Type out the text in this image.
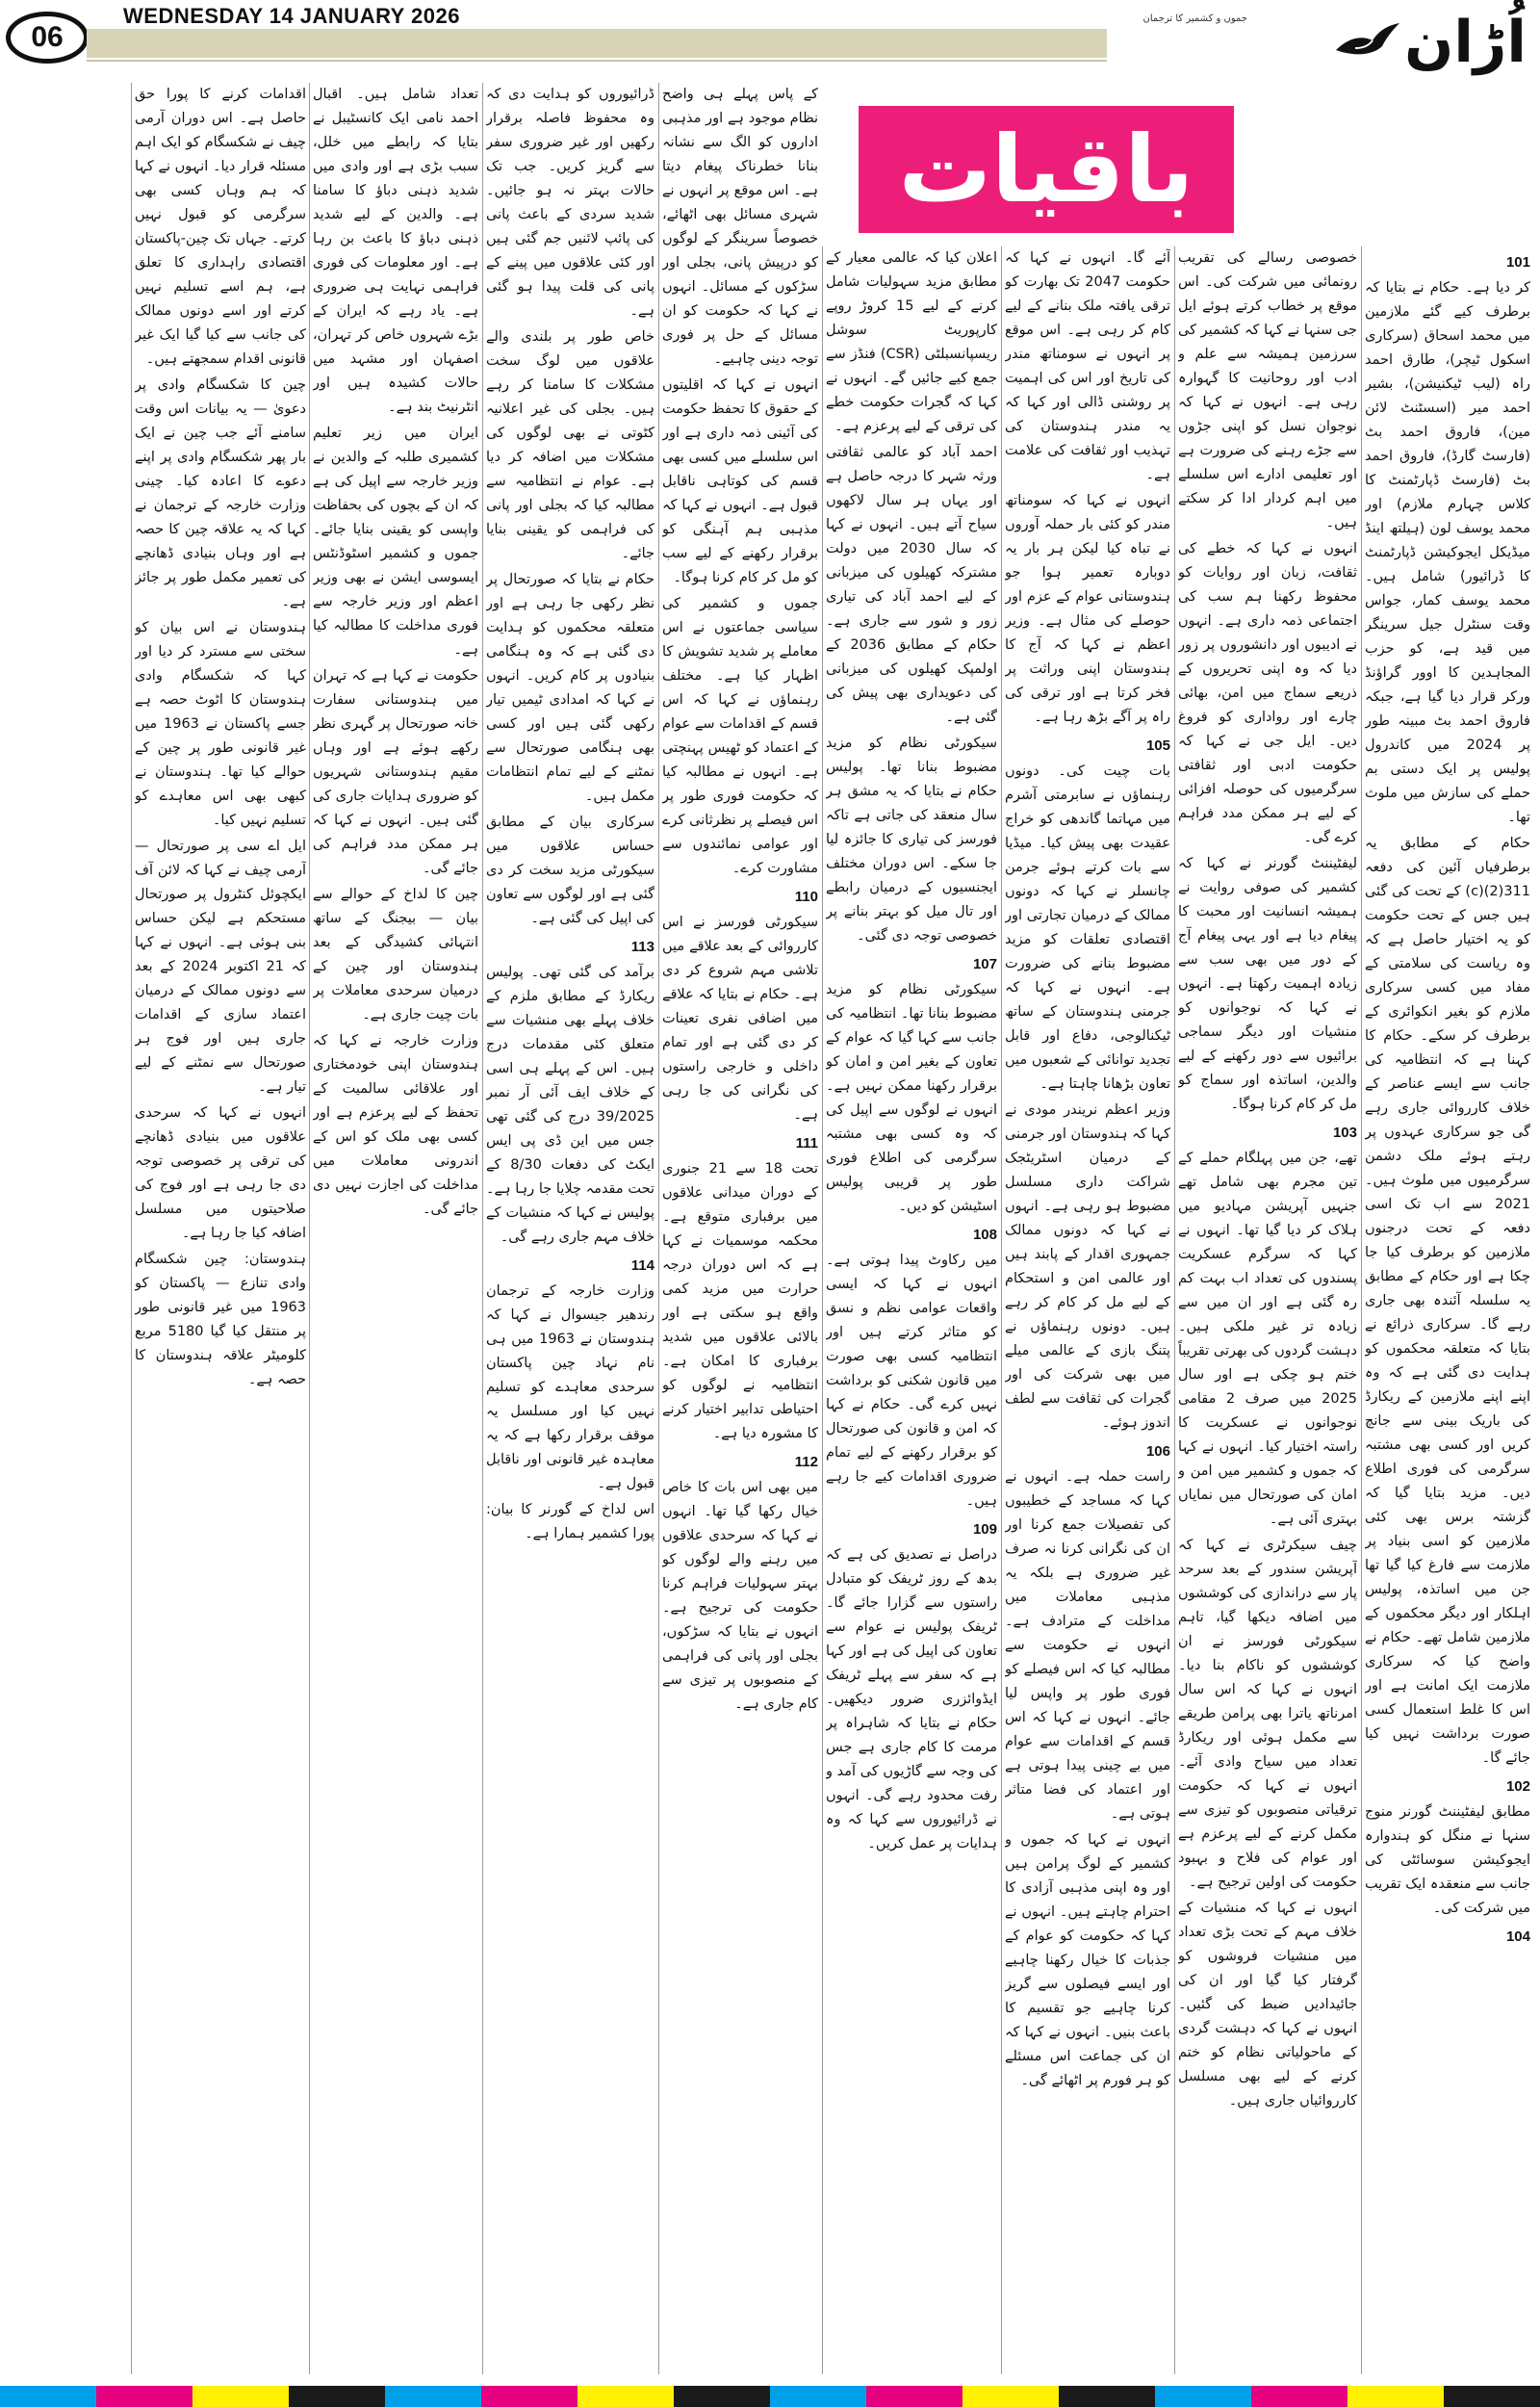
06
WEDNESDAY 14 JANUARY 2026	اُڑان
جموں و کشمیر کا ترجمان
باقیات
101

کر دیا ہے۔ حکام نے بتایا کہ برطرف کیے گئے ملازمین میں محمد اسحاق (سرکاری اسکول ٹیچر)، طارق احمد راہ (لیب ٹیکنیشن)، بشیر احمد میر (اسسٹنٹ لائن مین)، فاروق احمد بٹ (فارسٹ گارڈ)، فاروق احمد بٹ (فارسٹ ڈپارٹمنٹ کا کلاس چہارم ملازم) اور محمد یوسف لون (ہیلتھ اینڈ میڈیکل ایجوکیشن ڈپارٹمنٹ کا ڈرائیور) شامل ہیں۔ محمد یوسف کمار، جواس وقت سنٹرل جیل سرینگر میں قید ہے، کو حزب المجاہدین کا اوور گراؤنڈ ورکر قرار دیا گیا ہے، جبکہ فاروق احمد بٹ مبینہ طور پر 2024 میں کاندرول پولیس پر ایک دستی بم حملے کی سازش میں ملوث تھا۔

حکام کے مطابق یہ برطرفیاں آئین کی دفعہ 311(2)(c) کے تحت کی گئی ہیں جس کے تحت حکومت کو یہ اختیار حاصل ہے کہ وہ ریاست کی سلامتی کے مفاد میں کسی سرکاری ملازم کو بغیر انکوائری کے برطرف کر سکے۔ حکام کا کہنا ہے کہ انتظامیہ کی جانب سے ایسے عناصر کے خلاف کارروائی جاری رہے گی جو سرکاری عہدوں پر رہتے ہوئے ملک دشمن سرگرمیوں میں ملوث ہیں۔ 2021 سے اب تک اسی دفعہ کے تحت درجنوں ملازمین کو برطرف کیا جا چکا ہے اور حکام کے مطابق یہ سلسلہ آئندہ بھی جاری رہے گا۔ سرکاری ذرائع نے بتایا کہ متعلقہ محکموں کو ہدایت دی گئی ہے کہ وہ اپنے اپنے ملازمین کے ریکارڈ کی باریک بینی سے جانچ کریں اور کسی بھی مشتبہ سرگرمی کی فوری اطلاع دیں۔ مزید بتایا گیا کہ گزشتہ برس بھی کئی ملازمین کو اسی بنیاد پر ملازمت سے فارغ کیا گیا تھا جن میں اساتذہ، پولیس اہلکار اور دیگر محکموں کے ملازمین شامل تھے۔ حکام نے واضح کیا کہ سرکاری ملازمت ایک امانت ہے اور اس کا غلط استعمال کسی صورت برداشت نہیں کیا جائے گا۔

102

مطابق لیفٹیننٹ گورنر منوج سنہا نے منگل کو ہندوارہ ایجوکیشن سوسائٹی کی جانب سے منعقدہ ایک تقریب میں شرکت کی۔

104

خصوصی رسالے کی تقریب رونمائی میں شرکت کی۔ اس موقع پر خطاب کرتے ہوئے ایل جی سنہا نے کہا کہ کشمیر کی سرزمین ہمیشہ سے علم و ادب اور روحانیت کا گہوارہ رہی ہے۔ انہوں نے کہا کہ نوجوان نسل کو اپنی جڑوں سے جڑے رہنے کی ضرورت ہے اور تعلیمی ادارے اس سلسلے میں اہم کردار ادا کر سکتے ہیں۔

انہوں نے کہا کہ خطے کی ثقافت، زبان اور روایات کو محفوظ رکھنا ہم سب کی اجتماعی ذمہ داری ہے۔ انہوں نے ادیبوں اور دانشوروں پر زور دیا کہ وہ اپنی تحریروں کے ذریعے سماج میں امن، بھائی چارے اور رواداری کو فروغ دیں۔ ایل جی نے کہا کہ حکومت ادبی اور ثقافتی سرگرمیوں کی حوصلہ افزائی کے لیے ہر ممکن مدد فراہم کرے گی۔

لیفٹیننٹ گورنر نے کہا کہ کشمیر کی صوفی روایت نے ہمیشہ انسانیت اور محبت کا پیغام دیا ہے اور یہی پیغام آج کے دور میں بھی سب سے زیادہ اہمیت رکھتا ہے۔ انہوں نے کہا کہ نوجوانوں کو منشیات اور دیگر سماجی برائیوں سے دور رکھنے کے لیے والدین، اساتذہ اور سماج کو مل کر کام کرنا ہوگا۔

103

تھے، جن میں پہلگام حملے کے تین مجرم بھی شامل تھے جنہیں آپریشن مہادیو میں ہلاک کر دیا گیا تھا۔ انہوں نے کہا کہ سرگرم عسکریت پسندوں کی تعداد اب بہت کم رہ گئی ہے اور ان میں سے زیادہ تر غیر ملکی ہیں۔ دہشت گردوں کی بھرتی تقریباً ختم ہو چکی ہے اور سال 2025 میں صرف 2 مقامی نوجوانوں نے عسکریت کا راستہ اختیار کیا۔ انہوں نے کہا کہ جموں و کشمیر میں امن و امان کی صورتحال میں نمایاں بہتری آئی ہے۔

چیف سیکرٹری نے کہا کہ آپریشن سندور کے بعد سرحد پار سے دراندازی کی کوششوں میں اضافہ دیکھا گیا، تاہم سیکورٹی فورسز نے ان کوششوں کو ناکام بنا دیا۔ انہوں نے کہا کہ اس سال امرناتھ یاترا بھی پرامن طریقے سے مکمل ہوئی اور ریکارڈ تعداد میں سیاح وادی آئے۔ انہوں نے کہا کہ حکومت ترقیاتی منصوبوں کو تیزی سے مکمل کرنے کے لیے پرعزم ہے اور عوام کی فلاح و بہبود حکومت کی اولین ترجیح ہے۔

انہوں نے کہا کہ منشیات کے خلاف مہم کے تحت بڑی تعداد میں منشیات فروشوں کو گرفتار کیا گیا اور ان کی جائیدادیں ضبط کی گئیں۔ انہوں نے کہا کہ دہشت گردی کے ماحولیاتی نظام کو ختم کرنے کے لیے بھی مسلسل کارروائیاں جاری ہیں۔

آئے گا۔ انہوں نے کہا کہ حکومت 2047 تک بھارت کو ترقی یافتہ ملک بنانے کے لیے کام کر رہی ہے۔ اس موقع پر انہوں نے سومناتھ مندر کی تاریخ اور اس کی اہمیت پر روشنی ڈالی اور کہا کہ یہ مندر ہندوستان کی تہذیب اور ثقافت کی علامت ہے۔

انہوں نے کہا کہ سومناتھ مندر کو کئی بار حملہ آوروں نے تباہ کیا لیکن ہر بار یہ دوبارہ تعمیر ہوا جو ہندوستانی عوام کے عزم اور حوصلے کی مثال ہے۔ وزیر اعظم نے کہا کہ آج کا ہندوستان اپنی وراثت پر فخر کرتا ہے اور ترقی کی راہ پر آگے بڑھ رہا ہے۔

105

بات چیت کی۔ دونوں رہنماؤں نے سابرمتی آشرم میں مہاتما گاندھی کو خراج عقیدت بھی پیش کیا۔ میڈیا سے بات کرتے ہوئے جرمن چانسلر نے کہا کہ دونوں ممالک کے درمیان تجارتی اور اقتصادی تعلقات کو مزید مضبوط بنانے کی ضرورت ہے۔ انہوں نے کہا کہ جرمنی ہندوستان کے ساتھ ٹیکنالوجی، دفاع اور قابل تجدید توانائی کے شعبوں میں تعاون بڑھانا چاہتا ہے۔

وزیر اعظم نریندر مودی نے کہا کہ ہندوستان اور جرمنی کے درمیان اسٹریٹجک شراکت داری مسلسل مضبوط ہو رہی ہے۔ انہوں نے کہا کہ دونوں ممالک جمہوری اقدار کے پابند ہیں اور عالمی امن و استحکام کے لیے مل کر کام کر رہے ہیں۔ دونوں رہنماؤں نے پتنگ بازی کے عالمی میلے میں بھی شرکت کی اور گجرات کی ثقافت سے لطف اندوز ہوئے۔

106

راست حملہ ہے۔ انہوں نے کہا کہ مساجد کے خطیبوں کی تفصیلات جمع کرنا اور ان کی نگرانی کرنا نہ صرف غیر ضروری ہے بلکہ یہ مذہبی معاملات میں مداخلت کے مترادف ہے۔ انہوں نے حکومت سے مطالبہ کیا کہ اس فیصلے کو فوری طور پر واپس لیا جائے۔ انہوں نے کہا کہ اس قسم کے اقدامات سے عوام میں بے چینی پیدا ہوتی ہے اور اعتماد کی فضا متاثر ہوتی ہے۔

انہوں نے کہا کہ جموں و کشمیر کے لوگ پرامن ہیں اور وہ اپنی مذہبی آزادی کا احترام چاہتے ہیں۔ انہوں نے کہا کہ حکومت کو عوام کے جذبات کا خیال رکھنا چاہیے اور ایسے فیصلوں سے گریز کرنا چاہیے جو تقسیم کا باعث بنیں۔ انہوں نے کہا کہ ان کی جماعت اس مسئلے کو ہر فورم پر اٹھائے گی۔

اعلان کیا کہ عالمی معیار کے مطابق مزید سہولیات شامل کرنے کے لیے 15 کروڑ روپے کارپوریٹ سوشل ریسپانسبلٹی (CSR) فنڈز سے جمع کیے جائیں گے۔ انہوں نے کہا کہ گجرات حکومت خطے کی ترقی کے لیے پرعزم ہے۔

احمد آباد کو عالمی ثقافتی ورثہ شہر کا درجہ حاصل ہے اور یہاں ہر سال لاکھوں سیاح آتے ہیں۔ انہوں نے کہا کہ سال 2030 میں دولت مشترکہ کھیلوں کی میزبانی کے لیے احمد آباد کی تیاری زور و شور سے جاری ہے۔ حکام کے مطابق 2036 کے اولمپک کھیلوں کی میزبانی کی دعویداری بھی پیش کی گئی ہے۔

سیکورٹی نظام کو مزید مضبوط بنانا تھا۔ پولیس حکام نے بتایا کہ یہ مشق ہر سال منعقد کی جاتی ہے تاکہ فورسز کی تیاری کا جائزہ لیا جا سکے۔ اس دوران مختلف ایجنسیوں کے درمیان رابطے اور تال میل کو بہتر بنانے پر خصوصی توجہ دی گئی۔

107

سیکورٹی نظام کو مزید مضبوط بنانا تھا۔ انتظامیہ کی جانب سے کہا گیا کہ عوام کے تعاون کے بغیر امن و امان کو برقرار رکھنا ممکن نہیں ہے۔ انہوں نے لوگوں سے اپیل کی کہ وہ کسی بھی مشتبہ سرگرمی کی اطلاع فوری طور پر قریبی پولیس اسٹیشن کو دیں۔

108

میں رکاوٹ پیدا ہوتی ہے۔ انہوں نے کہا کہ ایسی واقعات عوامی نظم و نسق کو متاثر کرتے ہیں اور انتظامیہ کسی بھی صورت میں قانون شکنی کو برداشت نہیں کرے گی۔ حکام نے کہا کہ امن و قانون کی صورتحال کو برقرار رکھنے کے لیے تمام ضروری اقدامات کیے جا رہے ہیں۔

109

دراصل نے تصدیق کی ہے کہ بدھ کے روز ٹریفک کو متبادل راستوں سے گزارا جائے گا۔ ٹریفک پولیس نے عوام سے تعاون کی اپیل کی ہے اور کہا ہے کہ سفر سے پہلے ٹریفک ایڈوائزری ضرور دیکھیں۔ حکام نے بتایا کہ شاہراہ پر مرمت کا کام جاری ہے جس کی وجہ سے گاڑیوں کی آمد و رفت محدود رہے گی۔ انہوں نے ڈرائیوروں سے کہا کہ وہ ہدایات پر عمل کریں۔

کے پاس پہلے ہی واضح نظام موجود ہے اور مذہبی اداروں کو الگ سے نشانہ بنانا خطرناک پیغام دیتا ہے۔ اس موقع پر انہوں نے شہری مسائل بھی اٹھائے، خصوصاً سرینگر کے لوگوں کو درپیش پانی، بجلی اور سڑکوں کے مسائل۔ انہوں نے کہا کہ حکومت کو ان مسائل کے حل پر فوری توجہ دینی چاہیے۔

انہوں نے کہا کہ اقلیتوں کے حقوق کا تحفظ حکومت کی آئینی ذمہ داری ہے اور اس سلسلے میں کسی بھی قسم کی کوتاہی ناقابل قبول ہے۔ انہوں نے کہا کہ مذہبی ہم آہنگی کو برقرار رکھنے کے لیے سب کو مل کر کام کرنا ہوگا۔

جموں و کشمیر کی سیاسی جماعتوں نے اس معاملے پر شدید تشویش کا اظہار کیا ہے۔ مختلف رہنماؤں نے کہا کہ اس قسم کے اقدامات سے عوام کے اعتماد کو ٹھیس پہنچتی ہے۔ انہوں نے مطالبہ کیا کہ حکومت فوری طور پر اس فیصلے پر نظرثانی کرے اور عوامی نمائندوں سے مشاورت کرے۔

110

سیکورٹی فورسز نے اس کارروائی کے بعد علاقے میں تلاشی مہم شروع کر دی ہے۔ حکام نے بتایا کہ علاقے میں اضافی نفری تعینات کر دی گئی ہے اور تمام داخلی و خارجی راستوں کی نگرانی کی جا رہی ہے۔

111

تحت 18 سے 21 جنوری کے دوران میدانی علاقوں میں برفباری متوقع ہے۔ محکمہ موسمیات نے کہا ہے کہ اس دوران درجہ حرارت میں مزید کمی واقع ہو سکتی ہے اور بالائی علاقوں میں شدید برفباری کا امکان ہے۔ انتظامیہ نے لوگوں کو احتیاطی تدابیر اختیار کرنے کا مشورہ دیا ہے۔

112

میں بھی اس بات کا خاص خیال رکھا گیا تھا۔ انہوں نے کہا کہ سرحدی علاقوں میں رہنے والے لوگوں کو بہتر سہولیات فراہم کرنا حکومت کی ترجیح ہے۔ انہوں نے بتایا کہ سڑکوں، بجلی اور پانی کی فراہمی کے منصوبوں پر تیزی سے کام جاری ہے۔

ڈرائیوروں کو ہدایت دی کہ وہ محفوظ فاصلہ برقرار رکھیں اور غیر ضروری سفر سے گریز کریں۔ جب تک حالات بہتر نہ ہو جائیں۔ شدید سردی کے باعث پانی کی پائپ لائنیں جم گئی ہیں اور کئی علاقوں میں پینے کے پانی کی قلت پیدا ہو گئی ہے۔

خاص طور پر بلندی والے علاقوں میں لوگ سخت مشکلات کا سامنا کر رہے ہیں۔ بجلی کی غیر اعلانیہ کٹوتی نے بھی لوگوں کی مشکلات میں اضافہ کر دیا ہے۔ عوام نے انتظامیہ سے مطالبہ کیا کہ بجلی اور پانی کی فراہمی کو یقینی بنایا جائے۔

حکام نے بتایا کہ صورتحال پر نظر رکھی جا رہی ہے اور متعلقہ محکموں کو ہدایت دی گئی ہے کہ وہ ہنگامی بنیادوں پر کام کریں۔ انہوں نے کہا کہ امدادی ٹیمیں تیار رکھی گئی ہیں اور کسی بھی ہنگامی صورتحال سے نمٹنے کے لیے تمام انتظامات مکمل ہیں۔

سرکاری بیان کے مطابق حساس علاقوں میں سیکورٹی مزید سخت کر دی گئی ہے اور لوگوں سے تعاون کی اپیل کی گئی ہے۔

113

برآمد کی گئی تھی۔ پولیس ریکارڈ کے مطابق ملزم کے خلاف پہلے بھی منشیات سے متعلق کئی مقدمات درج ہیں۔ اس کے پہلے ہی اسی کے خلاف ایف آئی آر نمبر 39/2025 درج کی گئی تھی جس میں این ڈی پی ایس ایکٹ کی دفعات 8/30 کے تحت مقدمہ چلایا جا رہا ہے۔ پولیس نے کہا کہ منشیات کے خلاف مہم جاری رہے گی۔

114

وزارت خارجہ کے ترجمان رندھیر جیسوال نے کہا کہ ہندوستان نے 1963 میں ہی نام نہاد چین پاکستان سرحدی معاہدے کو تسلیم نہیں کیا اور مسلسل یہ موقف برقرار رکھا ہے کہ یہ معاہدہ غیر قانونی اور ناقابل قبول ہے۔

اس لداخ کے گورنر کا بیان: پورا کشمیر ہمارا ہے۔

تعداد شامل ہیں۔ اقبال احمد نامی ایک کانسٹیبل نے بتایا کہ رابطے میں خلل، سبب بڑی ہے اور وادی میں شدید ذہنی دباؤ کا سامنا ہے۔ والدین کے لیے شدید ذہنی دباؤ کا باعث بن رہا ہے۔ اور معلومات کی فوری فراہمی نہایت ہی ضروری ہے۔ یاد رہے کہ ایران کے بڑے شہروں خاص کر تہران، اصفہان اور مشہد میں حالات کشیدہ ہیں اور انٹرنیٹ بند ہے۔

ایران میں زیر تعلیم کشمیری طلبہ کے والدین نے وزیر خارجہ سے اپیل کی ہے کہ ان کے بچوں کی بحفاظت واپسی کو یقینی بنایا جائے۔ جموں و کشمیر اسٹوڈنٹس ایسوسی ایشن نے بھی وزیر اعظم اور وزیر خارجہ سے فوری مداخلت کا مطالبہ کیا ہے۔

حکومت نے کہا ہے کہ تہران میں ہندوستانی سفارت خانہ صورتحال پر گہری نظر رکھے ہوئے ہے اور وہاں مقیم ہندوستانی شہریوں کو ضروری ہدایات جاری کی گئی ہیں۔ انہوں نے کہا کہ ہر ممکن مدد فراہم کی جائے گی۔

چین کا لداخ کے حوالے سے بیان — بیجنگ کے ساتھ انتہائی کشیدگی کے بعد ہندوستان اور چین کے درمیان سرحدی معاملات پر بات چیت جاری ہے۔

وزارت خارجہ نے کہا کہ ہندوستان اپنی خودمختاری اور علاقائی سالمیت کے تحفظ کے لیے پرعزم ہے اور کسی بھی ملک کو اس کے اندرونی معاملات میں مداخلت کی اجازت نہیں دی جائے گی۔

اقدامات کرنے کا پورا حق حاصل ہے۔ اس دوران آرمی چیف نے شکسگام کو ایک اہم مسئلہ قرار دیا۔ انہوں نے کہا کہ ہم وہاں کسی بھی سرگرمی کو قبول نہیں کرتے۔ جہاں تک چین-پاکستان اقتصادی راہداری کا تعلق ہے، ہم اسے تسلیم نہیں کرتے اور اسے دونوں ممالک کی جانب سے کیا گیا ایک غیر قانونی اقدام سمجھتے ہیں۔

چین کا شکسگام وادی پر دعویٰ — یہ بیانات اس وقت سامنے آئے جب چین نے ایک بار پھر شکسگام وادی پر اپنے دعوے کا اعادہ کیا۔ چینی وزارت خارجہ کے ترجمان نے کہا کہ یہ علاقہ چین کا حصہ ہے اور وہاں بنیادی ڈھانچے کی تعمیر مکمل طور پر جائز ہے۔

ہندوستان نے اس بیان کو سختی سے مسترد کر دیا اور کہا کہ شکسگام وادی ہندوستان کا اٹوٹ حصہ ہے جسے پاکستان نے 1963 میں غیر قانونی طور پر چین کے حوالے کیا تھا۔ ہندوستان نے کبھی بھی اس معاہدے کو تسلیم نہیں کیا۔

ایل اے سی پر صورتحال — آرمی چیف نے کہا کہ لائن آف ایکچوئل کنٹرول پر صورتحال مستحکم ہے لیکن حساس بنی ہوئی ہے۔ انہوں نے کہا کہ 21 اکتوبر 2024 کے بعد سے دونوں ممالک کے درمیان اعتماد سازی کے اقدامات جاری ہیں اور فوج ہر صورتحال سے نمٹنے کے لیے تیار ہے۔

انہوں نے کہا کہ سرحدی علاقوں میں بنیادی ڈھانچے کی ترقی پر خصوصی توجہ دی جا رہی ہے اور فوج کی صلاحیتوں میں مسلسل اضافہ کیا جا رہا ہے۔

ہندوستان: چین شکسگام وادی تنازع — پاکستان کو 1963 میں غیر قانونی طور پر منتقل کیا گیا 5180 مربع کلومیٹر علاقہ ہندوستان کا حصہ ہے۔
